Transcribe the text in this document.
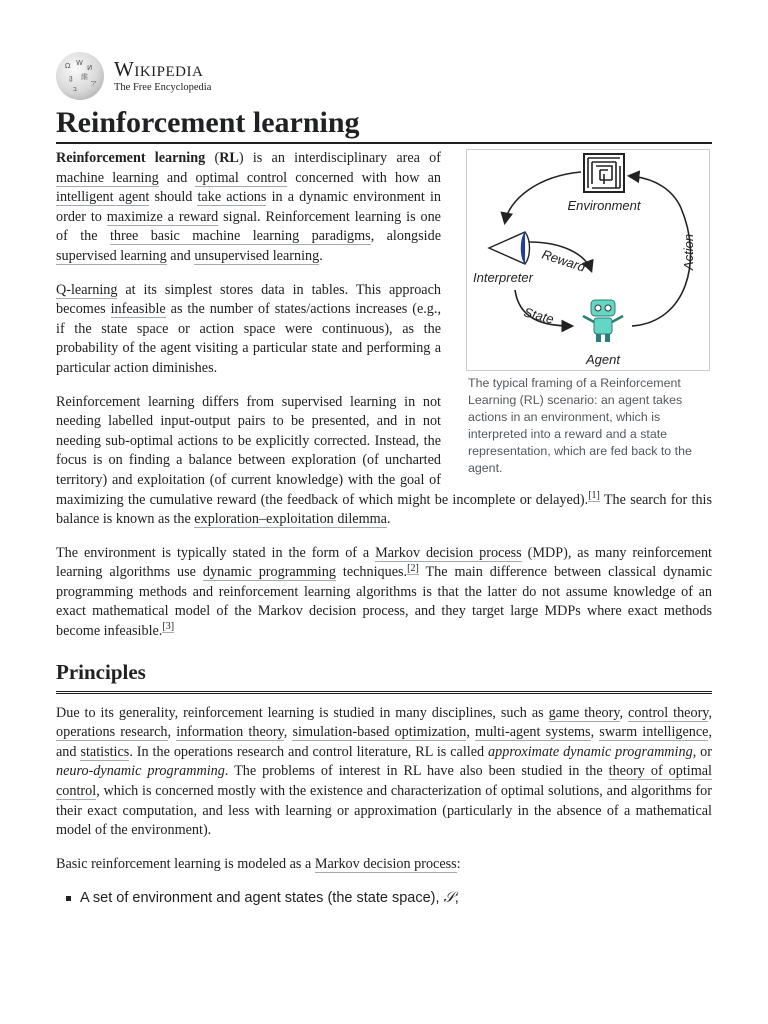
Ω W
И
ვ 維
ア
ב
Wikipedia
The Free Encyclopedia
Reinforcement learning
Environment
Action
Interpreter
Reward
State
Agent
The typical framing of a Reinforcement Learning (RL) scenario: an agent takes actions in an environment, which is interpreted into a reward and a state representation, which are fed back to the agent.

Reinforcement learning (RL) is an interdisciplinary area of machine learning and optimal control concerned with how an intelligent agent should take actions in a dynamic environment in order to maximize a reward signal. Reinforcement learning is one of the three basic machine learning paradigms, alongside supervised learning and unsupervised learning.

Q-learning at its simplest stores data in tables. This approach becomes infeasible as the number of states/actions increases (e.g., if the state space or action space were continuous), as the probability of the agent visiting a particular state and performing a particular action diminishes.

Reinforcement learning differs from supervised learning in not needing labelled input-output pairs to be presented, and in not needing sub-optimal actions to be explicitly corrected. Instead, the focus is on finding a balance between exploration (of uncharted territory) and exploitation (of current knowledge) with the goal of maximizing the cumulative reward (the feedback of which might be incomplete or delayed).[1] The search for this balance is known as the exploration–exploitation dilemma.

The environment is typically stated in the form of a Markov decision process (MDP), as many reinforcement learning algorithms use dynamic programming techniques.[2] The main difference between classical dynamic programming methods and reinforcement learning algorithms is that the latter do not assume knowledge of an exact mathematical model of the Markov decision process, and they target large MDPs where exact methods become infeasible.[3]

Principles

Due to its generality, reinforcement learning is studied in many disciplines, such as game theory, control theory, operations research, information theory, simulation-based optimization, multi-agent systems, swarm intelligence, and statistics. In the operations research and control literature, RL is called approximate dynamic programming, or neuro-dynamic programming. The problems of interest in RL have also been studied in the theory of optimal control, which is concerned mostly with the existence and characterization of optimal solutions, and algorithms for their exact computation, and less with learning or approximation (particularly in the absence of a mathematical model of the environment).

Basic reinforcement learning is modeled as a Markov decision process:

A set of environment and agent states (the state space), 𝒮;
